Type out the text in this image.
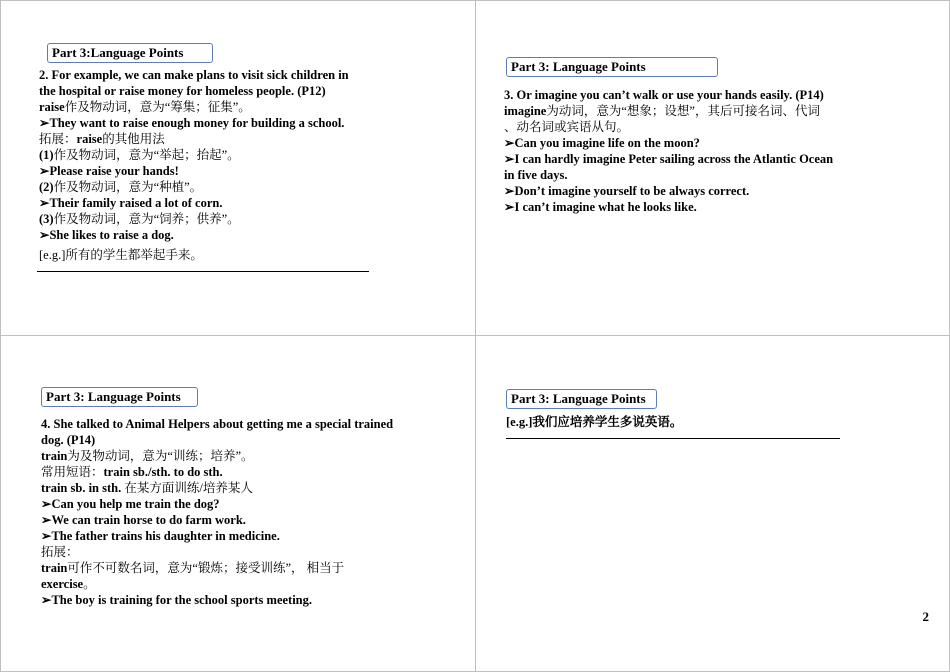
Part 3:Language Points
2. For example, we can make plans to visit sick children in
the hospital or raise money for homeless people. (P12)
raise作及物动词，意为“筹集；征集”。
➢They want to raise enough money for building a school.
拓展：raise的其他用法
(1)作及物动词，意为“举起；抬起”。
➢Please raise your hands!
(2)作及物动词，意为“种植”。
➢Their family raised a lot of corn.
(3)作及物动词，意为“饲养；供养”。
➢She likes to raise a dog.
[e.g.]所有的学生都举起手来。
Part 3: Language Points
3. Or imagine you can’t walk or use your hands easily. (P14)
imagine为动词，意为“想象；设想”，其后可接名词、代词
、动名词或宾语从句。
➢Can you imagine life on the moon?
➢I can hardly imagine Peter sailing across the Atlantic Ocean
in five days.
➢Don’t imagine yourself to be always correct.
➢I can’t imagine what he looks like.
Part 3: Language Points
4. She talked to Animal Helpers about getting me a special trained
dog. (P14)
train为及物动词，意为“训练；培养”。
常用短语：train sb./sth. to do sth.
train sb. in sth. 在某方面训练/培养某人
➢Can you help me train the dog?
➢We can train horse to do farm work.
➢The father trains his daughter in medicine.
拓展：
train可作不可数名词，意为“锻炼；接受训练”， 相当于
exercise。
➢The boy is training for the school sports meeting.
Part 3: Language Points
[e.g.]我们应培养学生多说英语。
2
